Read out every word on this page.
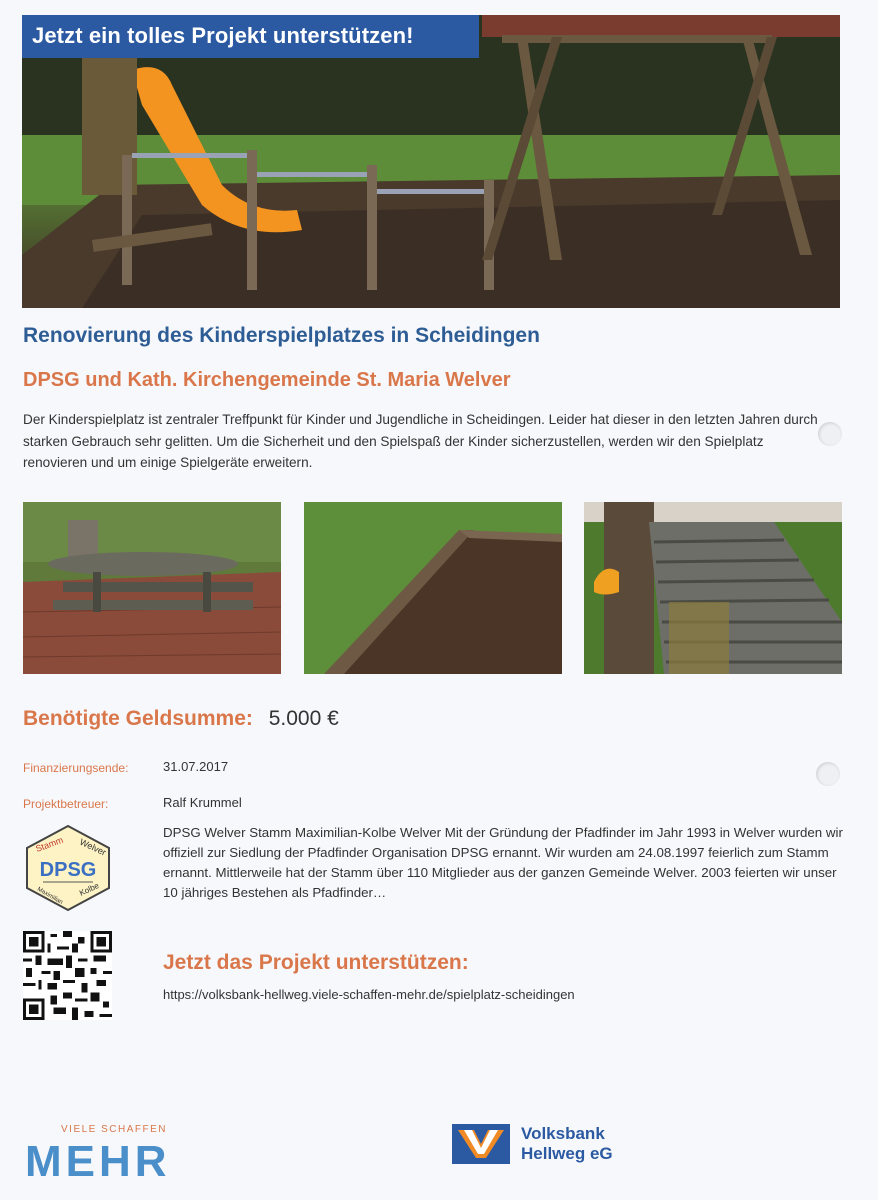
Jetzt ein tolles Projekt unterstützen!
Renovierung des Kinderspielplatzes in Scheidingen
DPSG und Kath. Kirchengemeinde St. Maria Welver
Der Kinderspielplatz ist zentraler Treffpunkt für Kinder und Jugendliche in Scheidingen. Leider hat dieser in den letzten Jahren durch starken Gebrauch sehr gelitten. Um die Sicherheit und den Spielspaß der Kinder sicherzustellen, werden wir den Spielplatz renovieren und um einige Spielgeräte erweitern.
Benötigte Geldsumme: 5.000 €
Finanzierungsende:	31.07.2017
Projektbetreuer:	Ralf Krummel
Stamm Welver
Maximilian Kolbe
DPSG
DPSG Welver Stamm Maximilian-Kolbe Welver Mit der Gründung der Pfadfinder im Jahr 1993 in Welver wurden wir offiziell zur Siedlung der Pfadfinder Organisation DPSG ernannt. Wir wurden am 24.08.1997 feierlich zum Stamm ernannt. Mittlerweile hat der Stamm über 110 Mitglieder aus der ganzen Gemeinde Welver. 2003 feierten wir unser 10 jähriges Bestehen als Pfadfinder…
Jetzt das Projekt unterstützen:
https://volksbank-hellweg.viele-schaffen-mehr.de/spielplatz-scheidingen
VIELE SCHAFFEN
MEHR
Volksbank
Hellweg eG
